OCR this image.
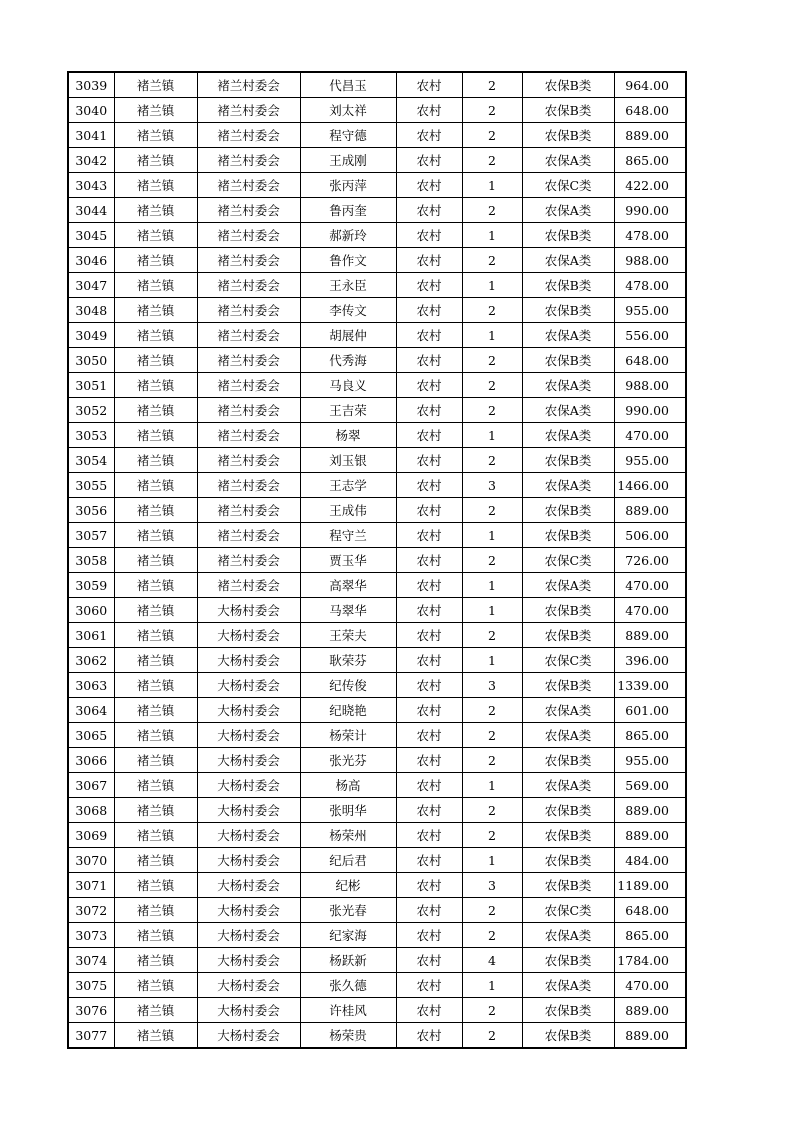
3039	褚兰镇	褚兰村委会	代昌玉	农村	2	农保B类	964.00
3040	褚兰镇	褚兰村委会	刘太祥	农村	2	农保B类	648.00
3041	褚兰镇	褚兰村委会	程守德	农村	2	农保B类	889.00
3042	褚兰镇	褚兰村委会	王成刚	农村	2	农保A类	865.00
3043	褚兰镇	褚兰村委会	张丙萍	农村	1	农保C类	422.00
3044	褚兰镇	褚兰村委会	鲁丙奎	农村	2	农保A类	990.00
3045	褚兰镇	褚兰村委会	郝新玲	农村	1	农保B类	478.00
3046	褚兰镇	褚兰村委会	鲁作文	农村	2	农保A类	988.00
3047	褚兰镇	褚兰村委会	王永臣	农村	1	农保B类	478.00
3048	褚兰镇	褚兰村委会	李传文	农村	2	农保B类	955.00
3049	褚兰镇	褚兰村委会	胡展仲	农村	1	农保A类	556.00
3050	褚兰镇	褚兰村委会	代秀海	农村	2	农保B类	648.00
3051	褚兰镇	褚兰村委会	马良义	农村	2	农保A类	988.00
3052	褚兰镇	褚兰村委会	王吉荣	农村	2	农保A类	990.00
3053	褚兰镇	褚兰村委会	杨翠	农村	1	农保A类	470.00
3054	褚兰镇	褚兰村委会	刘玉银	农村	2	农保B类	955.00
3055	褚兰镇	褚兰村委会	王志学	农村	3	农保A类	1466.00
3056	褚兰镇	褚兰村委会	王成伟	农村	2	农保B类	889.00
3057	褚兰镇	褚兰村委会	程守兰	农村	1	农保B类	506.00
3058	褚兰镇	褚兰村委会	贾玉华	农村	2	农保C类	726.00
3059	褚兰镇	褚兰村委会	高翠华	农村	1	农保A类	470.00
3060	褚兰镇	大杨村委会	马翠华	农村	1	农保B类	470.00
3061	褚兰镇	大杨村委会	王荣夫	农村	2	农保B类	889.00
3062	褚兰镇	大杨村委会	耿荣芬	农村	1	农保C类	396.00
3063	褚兰镇	大杨村委会	纪传俊	农村	3	农保B类	1339.00
3064	褚兰镇	大杨村委会	纪晓艳	农村	2	农保A类	601.00
3065	褚兰镇	大杨村委会	杨荣计	农村	2	农保A类	865.00
3066	褚兰镇	大杨村委会	张光芬	农村	2	农保B类	955.00
3067	褚兰镇	大杨村委会	杨高	农村	1	农保A类	569.00
3068	褚兰镇	大杨村委会	张明华	农村	2	农保B类	889.00
3069	褚兰镇	大杨村委会	杨荣州	农村	2	农保B类	889.00
3070	褚兰镇	大杨村委会	纪后君	农村	1	农保B类	484.00
3071	褚兰镇	大杨村委会	纪彬	农村	3	农保B类	1189.00
3072	褚兰镇	大杨村委会	张光春	农村	2	农保C类	648.00
3073	褚兰镇	大杨村委会	纪家海	农村	2	农保A类	865.00
3074	褚兰镇	大杨村委会	杨跃新	农村	4	农保B类	1784.00
3075	褚兰镇	大杨村委会	张久德	农村	1	农保A类	470.00
3076	褚兰镇	大杨村委会	许桂风	农村	2	农保B类	889.00
3077	褚兰镇	大杨村委会	杨荣贵	农村	2	农保B类	889.00
